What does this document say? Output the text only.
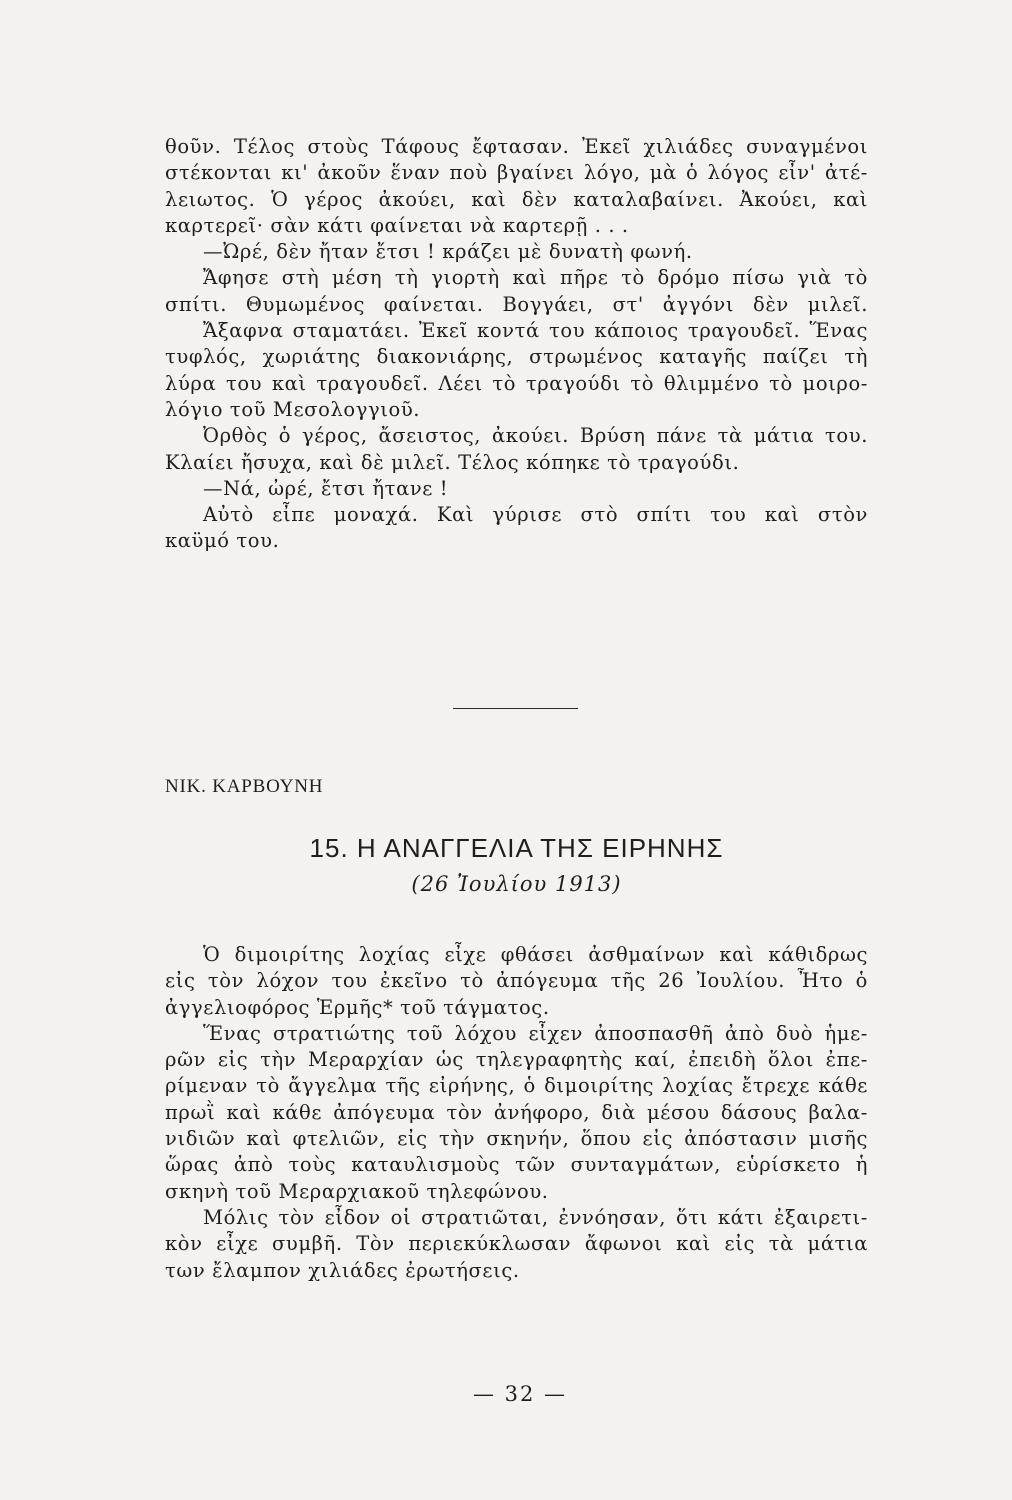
θοῦν. Τέλος στοὺς Τάφους ἔφτασαν. Ἐκεῖ χιλιάδες συναγμένοι
στέκονται κι' ἀκοῦν ἕναν ποὺ βγαίνει λόγο, μὰ ὁ λόγος εἶν' ἀτέ-
λειωτος. Ὁ γέρος ἀκούει, καὶ δὲν καταλαβαίνει. Ἀκούει, καὶ
καρτερεῖ· σὰν κάτι φαίνεται νὰ καρτερῇ . . .
—Ὠρέ, δὲν ἤταν ἔτσι ! κράζει μὲ δυνατὴ φωνή.
Ἄφησε στὴ μέση τὴ γιορτὴ καὶ πῆρε τὸ δρόμο πίσω γιὰ τὸ
σπίτι. Θυμωμένος φαίνεται. Βογγάει, στ' ἀγγόνι δὲν μιλεῖ.
Ἄξαφνα σταματάει. Ἐκεῖ κοντά του κάποιος τραγουδεῖ. Ἕνας
τυφλός, χωριάτης διακονιάρης, στρωμένος καταγῆς παίζει τὴ
λύρα του καὶ τραγουδεῖ. Λέει τὸ τραγούδι τὸ θλιμμένο τὸ μοιρο-
λόγιο τοῦ Μεσολογγιοῦ.
Ὀρθὸς ὁ γέρος, ἄσειστος, ἀκούει. Βρύση πάνε τὰ μάτια του.
Κλαίει ἤσυχα, καὶ δὲ μιλεῖ. Τέλος κόπηκε τὸ τραγούδι.
—Νά, ὠρέ, ἔτσι ἤτανε !
Αὐτὸ εἶπε μοναχά. Καὶ γύρισε στὸ σπίτι του καὶ στὸν
καϋμό του.
ΝΙΚ. ΚΑΡΒΟΥΝΗ
15. Η ΑΝΑΓΓΕΛΙΑ ΤΗΣ ΕΙΡΗΝΗΣ
(26 Ἰουλίου 1913)
Ὁ διμοιρίτης λοχίας εἶχε φθάσει ἀσθμαίνων καὶ κάθιδρως
εἰς τὸν λόχον του ἐκεῖνο τὸ ἀπόγευμα τῆς 26 Ἰουλίου. Ἦτο ὁ
ἀγγελιοφόρος Ἑρμῆς* τοῦ τάγματος.
Ἕνας στρατιώτης τοῦ λόχου εἶχεν ἀποσπασθῆ ἀπὸ δυὸ ἡμε-
ρῶν εἰς τὴν Μεραρχίαν ὡς τηλεγραφητὴς καί, ἐπειδὴ ὅλοι ἐπε-
ρίμεναν τὸ ἄγγελμα τῆς εἰρήνης, ὁ διμοιρίτης λοχίας ἔτρεχε κάθε
πρωῒ καὶ κάθε ἀπόγευμα τὸν ἀνήφορο, διὰ μέσου δάσους βαλα-
νιδιῶν καὶ φτελιῶν, εἰς τὴν σκηνήν, ὅπου εἰς ἀπόστασιν μισῆς
ὥρας ἀπὸ τοὺς καταυλισμοὺς τῶν συνταγμάτων, εὑρίσκετο ἡ
σκηνὴ τοῦ Μεραρχιακοῦ τηλεφώνου.
Μόλις τὸν εἶδον οἱ στρατιῶται, ἐννόησαν, ὅτι κάτι ἐξαιρετι-
κὸν εἶχε συμβῆ. Τὸν περιεκύκλωσαν ἄφωνοι καὶ εἰς τὰ μάτια
των ἔλαμπον χιλιάδες ἐρωτήσεις.
— 32 —
